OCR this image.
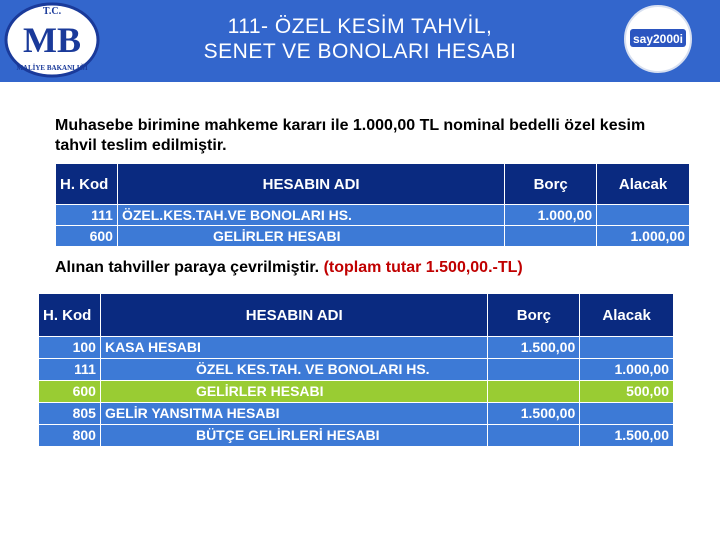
T.C.
MB
MALİYE BAKANLIĞI
111- ÖZEL KESİM TAHVİL,
SENET VE BONOLARI HESABI
say2000i
Muhasebe birimine mahkeme kararı ile 1.000,00 TL nominal bedelli özel kesim tahvil teslim edilmiştir.
H. Kod	HESABIN ADI	Borç	Alacak
111	ÖZEL.KES.TAH.VE BONOLARI HS.	1.000,00	
600	GELİRLER HESABI		1.000,00
Alınan tahviller paraya çevrilmiştir. (toplam tutar 1.500,00.-TL)
H. Kod	HESABIN ADI	Borç	Alacak
100	KASA HESABI	1.500,00	
111	ÖZEL KES.TAH. VE BONOLARI HS.		1.000,00
600	GELİRLER HESABI		500,00
805	GELİR YANSITMA HESABI	1.500,00	
800	BÜTÇE GELİRLERİ HESABI		1.500,00
